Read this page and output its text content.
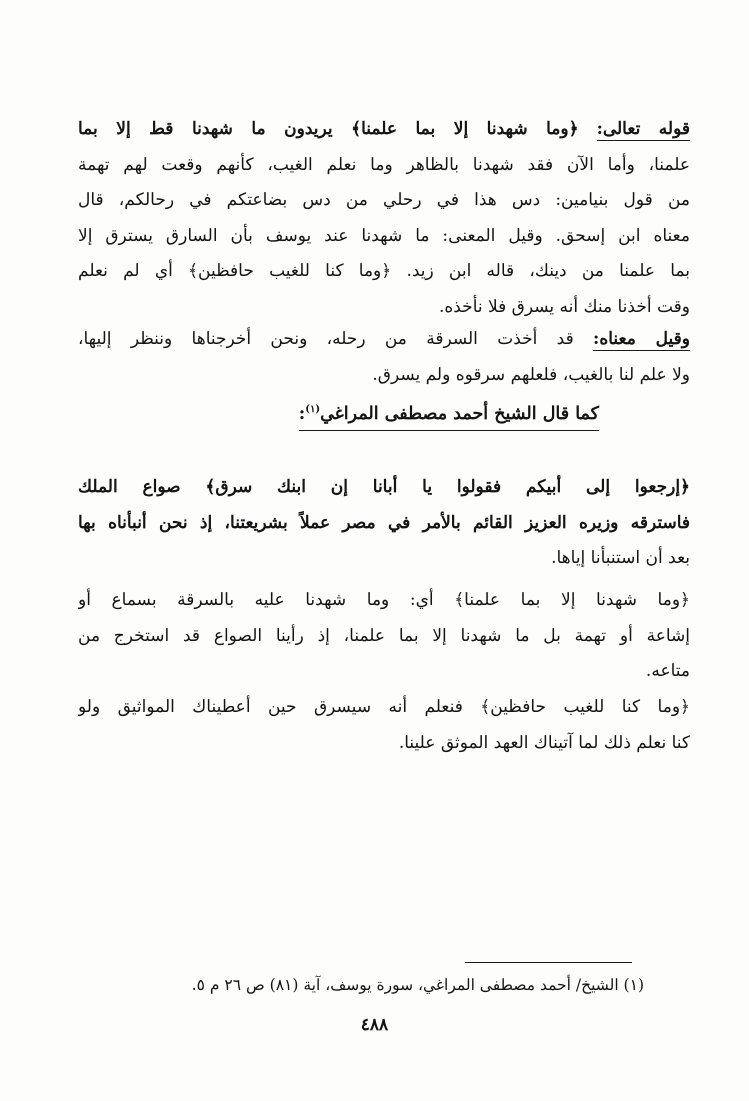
قوله تعالى: ﴿وما شهدنا إلا بما علمنا﴾ يريدون ما شهدنا قط إلا بما
علمنا، وأما الآن فقد شهدنا بالظاهر وما نعلم الغيب، كأنهم وقعت لهم تهمة
من قول بنيامين: دس هذا في رحلي من دس بضاعتكم في رحالكم، قال
معناه ابن إسحق. وقيل المعنى: ما شهدنا عند يوسف بأن السارق يسترق إلا
بما علمنا من دينك، قاله ابن زيد. ﴿وما كنا للغيب حافظين﴾ أي لم نعلم
وقت أخذنا منك أنه يسرق فلا نأخذه.
وقيل معناه: قد أخذت السرقة من رحله، ونحن أخرجناها وننظر إليها،
ولا علم لنا بالغيب، فلعلهم سرقوه ولم يسرق.
كما قال الشيخ أحمد مصطفى المراغي$^{(١)}$:
﴿إرجعوا إلى أبيكم فقولوا يا أبانا إن ابنك سرق﴾ صواع الملك
فاسترقه وزيره العزيز القائم بالأمر في مصر عملاً بشريعتنا، إذ نحن أنبأناه بها
بعد أن استنبأنا إياها.
﴿وما شهدنا إلا بما علمنا﴾ أي: وما شهدنا عليه بالسرقة بسماع أو
إشاعة أو تهمة بل ما شهدنا إلا بما علمنا، إذ رأينا الصواع قد استخرج من
متاعه.
﴿وما كنا للغيب حافظين﴾ فنعلم أنه سيسرق حين أعطيناك المواثيق ولو
كنا نعلم ذلك لما آتيناك العهد الموثق علينا.
(١) الشيخ/ أحمد مصطفى المراغي، سورة يوسف، آية (٨١) ص ٢٦ م ٥.
٤٨٨
